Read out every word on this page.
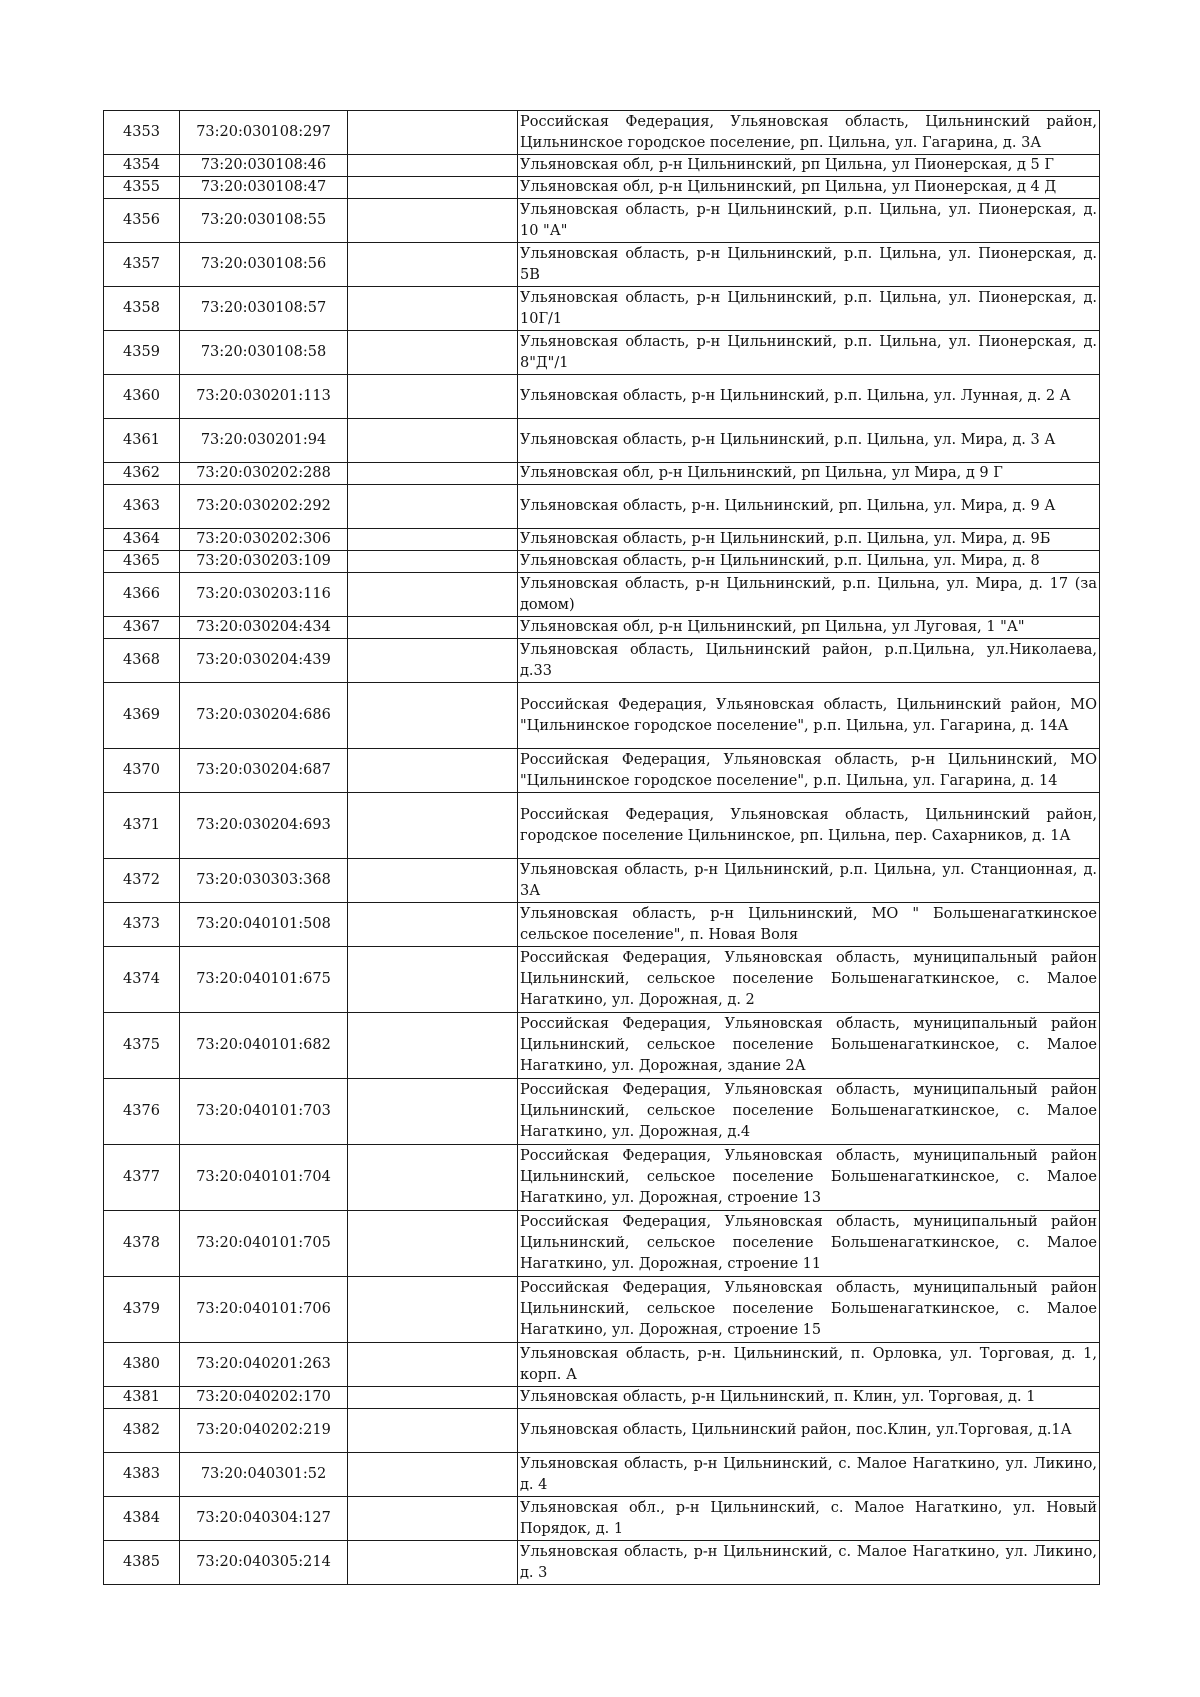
4353	73:20:030108:297		Российская Федерация, Ульяновская область, Цильнинский район, Цильнинское городское поселение, рп. Цильна, ул. Гагарина, д. 3А
4354	73:20:030108:46		Ульяновская обл, р-н Цильнинский, рп Цильна, ул Пионерская, д 5 Г
4355	73:20:030108:47		Ульяновская обл, р-н Цильнинский, рп Цильна, ул Пионерская, д 4 Д
4356	73:20:030108:55		Ульяновская область, р-н Цильнинский, р.п. Цильна, ул. Пионерская, д. 10 "А"
4357	73:20:030108:56		Ульяновская область, р-н Цильнинский, р.п. Цильна, ул. Пионерская, д. 5В
4358	73:20:030108:57		Ульяновская область, р-н Цильнинский, р.п. Цильна, ул. Пионерская, д. 10Г/1
4359	73:20:030108:58		Ульяновская область, р-н Цильнинский, р.п. Цильна, ул. Пионерская, д. 8"Д"/1
4360	73:20:030201:113		Ульяновская область, р-н Цильнинский, р.п. Цильна, ул. Лунная, д. 2 А
4361	73:20:030201:94		Ульяновская область, р-н Цильнинский, р.п. Цильна, ул. Мира, д. 3 А
4362	73:20:030202:288		Ульяновская обл, р-н Цильнинский, рп Цильна, ул Мира, д 9 Г
4363	73:20:030202:292		Ульяновская область, р-н. Цильнинский, рп. Цильна, ул. Мира, д. 9 А
4364	73:20:030202:306		Ульяновская область, р-н Цильнинский, р.п. Цильна, ул. Мира, д. 9Б
4365	73:20:030203:109		Ульяновская область, р-н Цильнинский, р.п. Цильна, ул. Мира, д. 8
4366	73:20:030203:116		Ульяновская область, р-н Цильнинский, р.п. Цильна, ул. Мира, д. 17 (за домом)
4367	73:20:030204:434		Ульяновская обл, р-н Цильнинский, рп Цильна, ул Луговая, 1 "А"
4368	73:20:030204:439		Ульяновская область, Цильнинский район, р.п.Цильна, ул.Николаева, д.33
4369	73:20:030204:686		Российская Федерация, Ульяновская область, Цильнинский район, МО "Цильнинское городское поселение", р.п. Цильна, ул. Гагарина, д. 14А
4370	73:20:030204:687		Российская Федерация, Ульяновская область, р-н Цильнинский, МО "Цильнинское городское поселение", р.п. Цильна, ул. Гагарина, д. 14
4371	73:20:030204:693		Российская Федерация, Ульяновская область, Цильнинский район, городское поселение Цильнинское, рп. Цильна, пер. Сахарников, д. 1А
4372	73:20:030303:368		Ульяновская область, р-н Цильнинский, р.п. Цильна, ул. Станционная, д. 3А
4373	73:20:040101:508		Ульяновская область, р-н Цильнинский, МО " Большенагаткинское сельское поселение", п. Новая Воля
4374	73:20:040101:675		Российская Федерация, Ульяновская область, муниципальный район Цильнинский, сельское поселение Большенагаткинское, с. Малое Нагаткино, ул. Дорожная, д. 2
4375	73:20:040101:682		Российская Федерация, Ульяновская область, муниципальный район Цильнинский, сельское поселение Большенагаткинское, с. Малое Нагаткино, ул. Дорожная, здание 2А
4376	73:20:040101:703		Российская Федерация, Ульяновская область, муниципальный район Цильнинский, сельское поселение Большенагаткинское, с. Малое Нагаткино, ул. Дорожная, д.4
4377	73:20:040101:704		Российская Федерация, Ульяновская область, муниципальный район Цильнинский, сельское поселение Большенагаткинское, с. Малое Нагаткино, ул. Дорожная, строение 13
4378	73:20:040101:705		Российская Федерация, Ульяновская область, муниципальный район Цильнинский, сельское поселение Большенагаткинское, с. Малое Нагаткино, ул. Дорожная, строение 11
4379	73:20:040101:706		Российская Федерация, Ульяновская область, муниципальный район Цильнинский, сельское поселение Большенагаткинское, с. Малое Нагаткино, ул. Дорожная, строение 15
4380	73:20:040201:263		Ульяновская область, р-н. Цильнинский, п. Орловка, ул. Торговая, д. 1, корп. А
4381	73:20:040202:170		Ульяновская область, р-н Цильнинский, п. Клин, ул. Торговая, д. 1
4382	73:20:040202:219		Ульяновская область, Цильнинский район, пос.Клин, ул.Торговая, д.1А
4383	73:20:040301:52		Ульяновская область, р-н Цильнинский, с. Малое Нагаткино, ул. Ликино, д. 4
4384	73:20:040304:127		Ульяновская обл., р-н Цильнинский, с. Малое Нагаткино, ул. Новый Порядок, д. 1
4385	73:20:040305:214		Ульяновская область, р-н Цильнинский, с. Малое Нагаткино, ул. Ликино, д. 3
